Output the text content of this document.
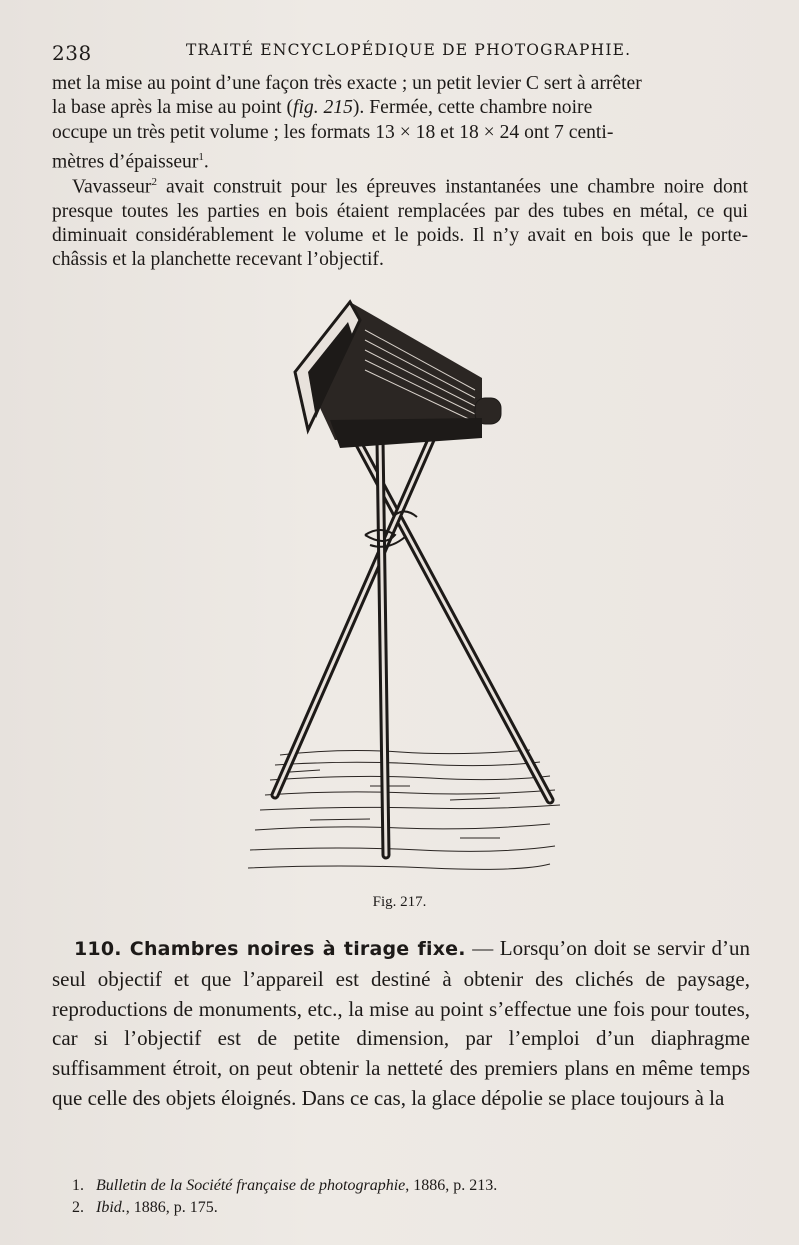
238	TRAITÉ ENCYCLOPÉDIQUE DE PHOTOGRAPHIE.

met la mise au point d’une façon très exacte ; un petit levier C sert à arrêter

la base après la mise au point (fig. 215). Fermée, cette chambre noire

occupe un très petit volume ; les formats 13 × 18 et 18 × 24 ont 7 centi-

mètres d’épaisseur$^1$.

Vavasseur$^2$ avait construit pour les épreuves instantanées une chambre noire dont presque toutes les parties en bois étaient remplacées par des tubes en métal, ce qui diminuait considérablement le volume et le poids. Il n’y avait en bois que le porte-châssis et la planchette recevant l’objectif.

Fig. 217.

110. Chambres noires à tirage fixe. — Lorsqu’on doit se servir d’un seul objectif et que l’appareil est destiné à obtenir des clichés de paysage, reproductions de monuments, etc., la mise au point s’effectue une fois pour toutes, car si l’objectif est de petite dimension, par l’emploi d’un diaphragme suffisamment étroit, on peut obtenir la netteté des premiers plans en même temps que celle des objets éloignés. Dans ce cas, la glace dépolie se place toujours à la

1. Bulletin de la Société française de photographie, 1886, p. 213.
2. Ibid., 1886, p. 175.
